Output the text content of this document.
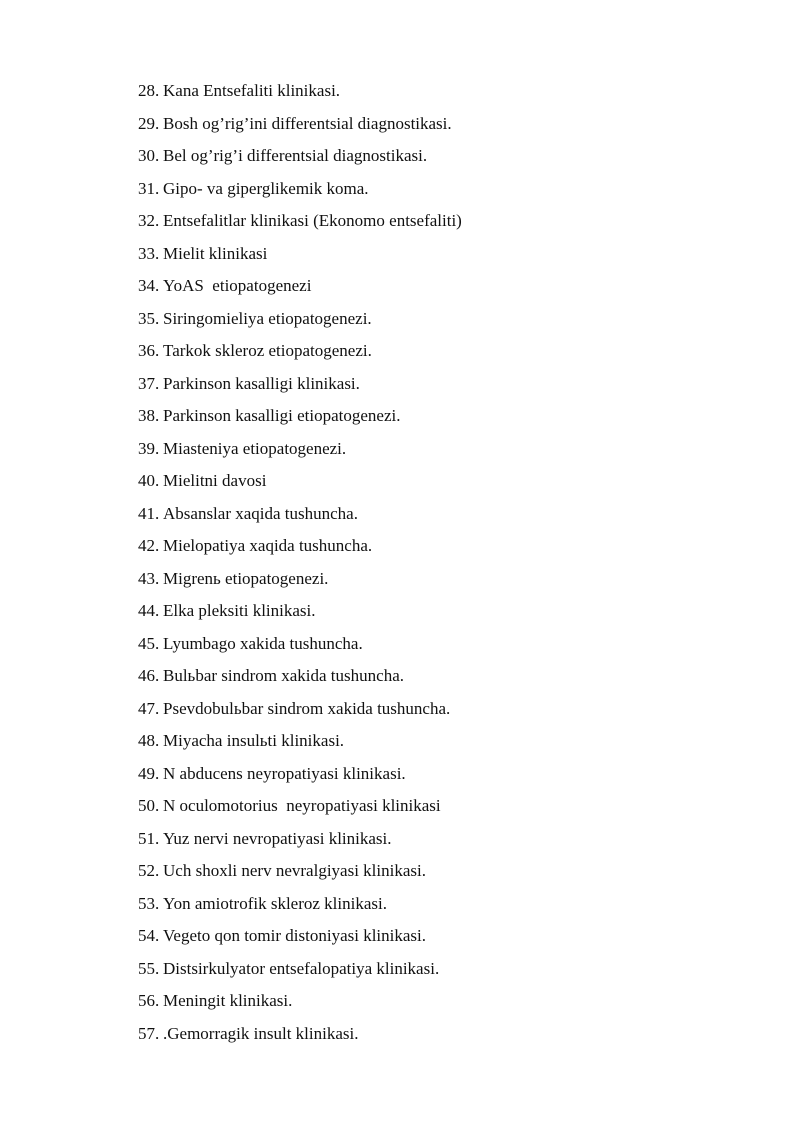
28. Kana Entsefaliti klinikasi.
29. Bosh og’rig’ini differentsial diagnostikasi.
30. Bel og’rig’i differentsial diagnostikasi.
31. Gipo- va giperglikemik koma.
32. Entsefalitlar klinikasi (Ekonomo entsefaliti)
33. Mielit klinikasi
34. YoAS  etiopatogenezi
35. Siringomieliya etiopatogenezi.
36. Tarkok skleroz etiopatogenezi.
37. Parkinson kasalligi klinikasi.
38. Parkinson kasalligi etiopatogenezi.
39. Miasteniya etiopatogenezi.
40. Mielitni davosi
41. Absanslar xaqida tushuncha.
42. Mielopatiya xaqida tushuncha.
43. Migrenь etiopatogenezi.
44. Elka pleksiti klinikasi.
45. Lyumbago xakida tushuncha.
46. Bulьbar sindrom xakida tushuncha.
47. Psevdobulьbar sindrom xakida tushuncha.
48. Miyacha insulьti klinikasi.
49. N abducens neyropatiyasi klinikasi.
50. N oculomotorius  neyropatiyasi klinikasi
51. Yuz nervi nevropatiyasi klinikasi.
52. Uch shoxli nerv nevralgiyasi klinikasi.
53. Yon amiotrofik skleroz klinikasi.
54. Vegeto qon tomir distoniyasi klinikasi.
55. Distsirkulyator entsefalopatiya klinikasi.
56. Meningit klinikasi.
57. .Gemorragik insult klinikasi.
